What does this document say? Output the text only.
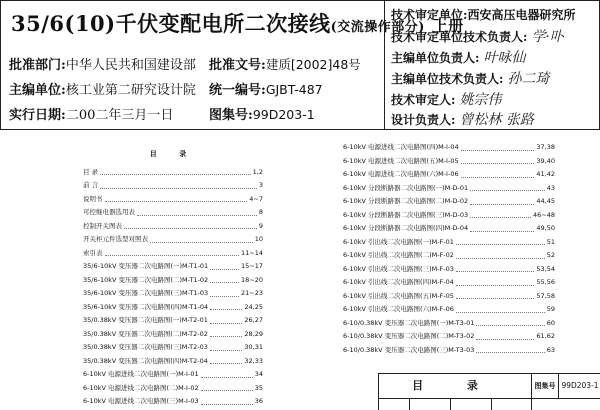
35/6(10)千伏变配电所二次接线(交流操作部分) 上册
批准部门:中华人民共和国建设部 批准文号:建质[2002]48号
主编单位:核工业第二研究设计院 统一编号:GJBT-487
实行日期:二00二年三月一日	图集号:99D203-1
技术审定单位:西安高压电器研究所
技术审定单位技术负责人: 学·卟
主编单位负责人: 叶咏仙
主编单位技术负责人: 孙二琦
技术审定人: 姚宗伟
设计负责人: 曾松林 张路
目 录
目 录	1,2
前 言	3
说明书	4~7
可控继电器选用表	8
控制开关图表	9
开关柜元件选型对照表	10
索引表	11~14
35/6-10kV 变压器二次电路图(一)M-T1-01	15~17
35/6-10kV 变压器二次电路图(二)M-T1-02	18~20
35/6-10kV 变压器二次电路图(三)M-T1-03	21~23
35/6-10kV 变压器二次电路图(四)M-T1-04	24,25
35/0.38kV 变压器二次电路图(一)M-T2-01	26,27
35/0.38kV 变压器二次电路图(二)M-T2-02	28,29
35/0.38kV 变压器二次电路图(三)M-T2-03	30,31
35/0.38kV 变压器二次电路图(四)M-T2-04	32,33
6-10kV 电源进线二次电路图(一)M-I-01	34
6-10kV 电源进线二次电路图(二)M-I-02	35
6-10kV 电源进线二次电路图(三)M-I-03	36
6-10kV 电源进线二次电路图(四)M-I-04	37,38
6-10kV 电源进线二次电路图(五)M-I-05	39,40
6-10kV 电源进线二次电路图(六)M-I-06	41,42
6-10kV 分段断路器二次电路图(一)M-D-01	43
6-10kV 分段断路器二次电路图(二)M-D-02	44,45
6-10kV 分段断路器二次电路图(三)M-D-03	46~48
6-10kV 分段断路器二次电路图(四)M-D-04	49,50
6-10kV 引出线二次电路图(一)M-F-01	51
6-10kV 引出线二次电路图(二)M-F-02	52
6-10kV 引出线二次电路图(三)M-F-03	53,54
6-10kV 引出线二次电路图(四)M-F-04	55,56
6-10kV 引出线二次电路图(五)M-F-05	57,58
6-10kV 引出线二次电路图(六)M-F-06	59
6-10/0.38kV 变压器二次电路图(一)M-T3-01	60
6-10/0.38kV 变压器二次电路图(二)M-T3-02	61,62
6-10/0.38kV 变压器二次电路图(三)M-T3-03	63
目 录	图集号 99D203-1
